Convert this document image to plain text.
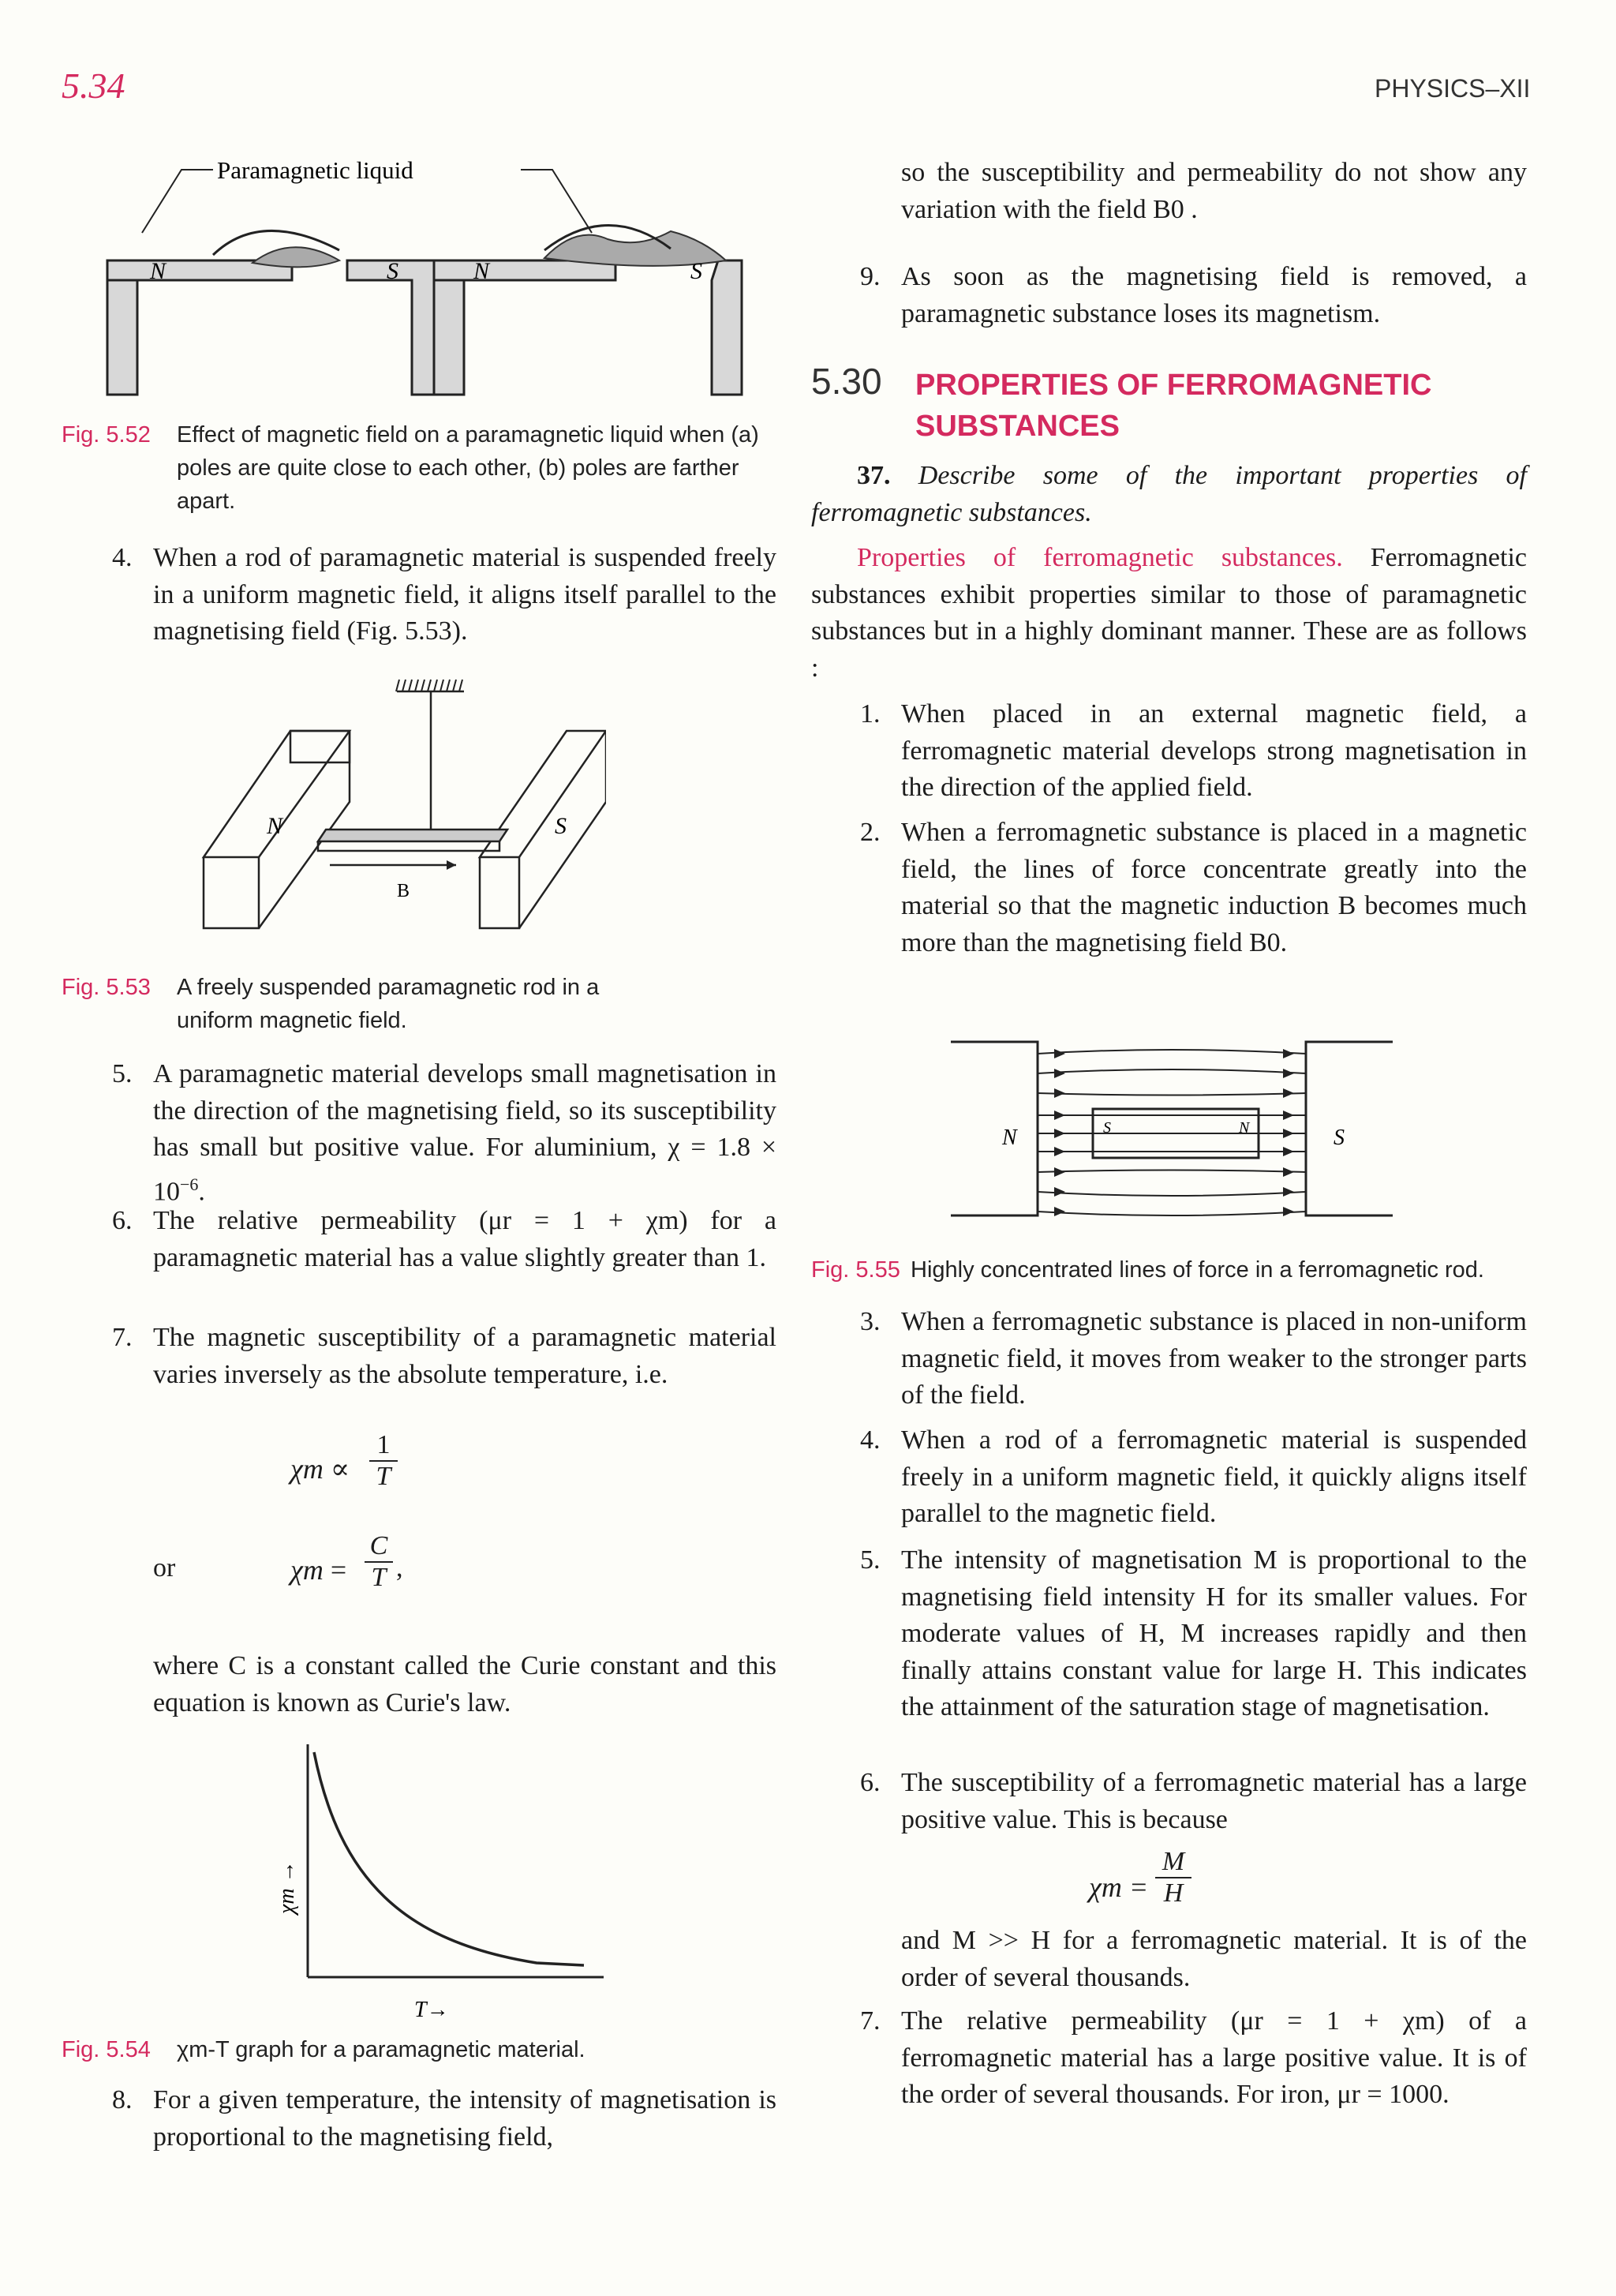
5.34	PHYSICS–XII
N	S	N	S
Paramagnetic liquid
Fig. 5.52 Effect of magnetic field on a paramagnetic liquid when (a) poles are quite close to each other, (b) poles are farther apart.
4. When a rod of paramagnetic material is suspended freely in a uniform magnetic field, it aligns itself parallel to the magnetising field (Fig. 5.53).
N	S
B
Fig. 5.53 A freely suspended paramagnetic rod in a uniform magnetic field.
5. A paramagnetic material develops small magnetisation in the direction of the magnetising field, so its susceptibility has small but positive value. For aluminium, $\chi = 1.8 \times 10^{-6}$.
6. The relative permeability (μr = 1 + χm) for a paramagnetic material has a value slightly greater than 1.
7. The magnetic susceptibility of a paramagnetic material varies inversely as the absolute temperature, i.e.
χm ∝
1
T
or	χm =
C
T ,
where C is a constant called the Curie constant and this equation is known as Curie's law.
χm →
T→
Fig. 5.54 χm-T graph for a paramagnetic material.
8. For a given temperature, the intensity of magnetisation is proportional to the magnetising field,
so the susceptibility and permeability do not show any variation with the field B0 .
9. As soon as the magnetising field is removed, a paramagnetic substance loses its magnetism.
5.30 PROPERTIES OF FERROMAGNETIC SUBSTANCES
37. Describe some of the important properties of ferromagnetic substances.
Properties of ferromagnetic substances. Ferromagnetic substances exhibit properties similar to those of paramagnetic substances but in a highly dominant manner. These are as follows :
1. When placed in an external magnetic field, a ferromagnetic material develops strong magnetisation in the direction of the applied field.
2. When a ferromagnetic substance is placed in a magnetic field, the lines of force concentrate greatly into the material so that the magnetic induction B becomes much more than the magnetising field B0.
N	S
S	N
Fig. 5.55 Highly concentrated lines of force in a ferromagnetic rod.
3. When a ferromagnetic substance is placed in non-uniform magnetic field, it moves from weaker to the stronger parts of the field.
4. When a rod of a ferromagnetic material is suspended freely in a uniform magnetic field, it quickly aligns itself parallel to the magnetic field.
5. The intensity of magnetisation M is proportional to the magnetising field intensity H for its smaller values. For moderate values of H, M increases rapidly and then finally attains constant value for large H. This indicates the attainment of the saturation stage of magnetisation.
6. The susceptibility of a ferromagnetic material has a large positive value. This is because
χm =
M
H
and M >> H for a ferromagnetic material. It is of the order of several thousands.
7. The relative permeability (μr = 1 + χm) of a ferromagnetic material has a large positive value. It is of the order of several thousands. For iron, μr = 1000.
